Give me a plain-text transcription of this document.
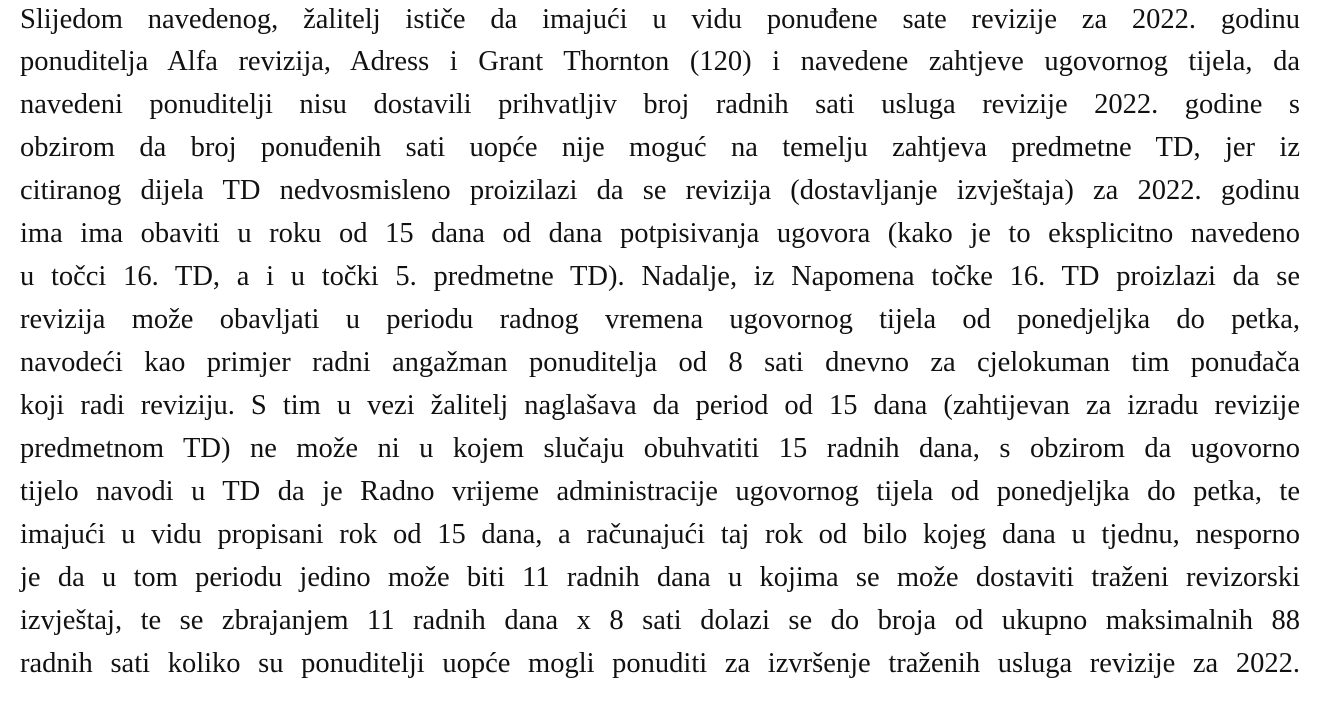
Slijedom navedenog, žalitelj ističe da imajući u vidu ponuđene sate revizije za 2022. godinu
ponuditelja Alfa revizija, Adress i Grant Thornton (120) i navedene zahtjeve ugovornog tijela, da
navedeni ponuditelji nisu dostavili prihvatljiv broj radnih sati usluga revizije 2022. godine s
obzirom da broj ponuđenih sati uopće nije moguć na temelju zahtjeva predmetne TD, jer iz
citiranog dijela TD nedvosmisleno proizilazi da se revizija (dostavljanje izvještaja) za 2022. godinu
ima ima obaviti u roku od 15 dana od dana potpisivanja ugovora (kako je to eksplicitno navedeno
u točci 16. TD, a i u točki 5. predmetne TD). Nadalje, iz Napomena točke 16. TD proizlazi da se
revizija može obavljati u periodu radnog vremena ugovornog tijela od ponedjeljka do petka,
navodeći kao primjer radni angažman ponuditelja od 8 sati dnevno za cjelokuman tim ponuđača
koji radi reviziju. S tim u vezi žalitelj naglašava da period od 15 dana (zahtijevan za izradu revizije
predmetnom TD) ne može ni u kojem slučaju obuhvatiti 15 radnih dana, s obzirom da ugovorno
tijelo navodi u TD da je Radno vrijeme administracije ugovornog tijela od ponedjeljka do petka, te
imajući u vidu propisani rok od 15 dana, a računajući taj rok od bilo kojeg dana u tjednu, nesporno
je da u tom periodu jedino može biti 11 radnih dana u kojima se može dostaviti traženi revizorski
izvještaj, te se zbrajanjem 11 radnih dana x 8 sati dolazi se do broja od ukupno maksimalnih 88
radnih sati koliko su ponuditelji uopće mogli ponuditi za izvršenje traženih usluga revizije za 2022.
